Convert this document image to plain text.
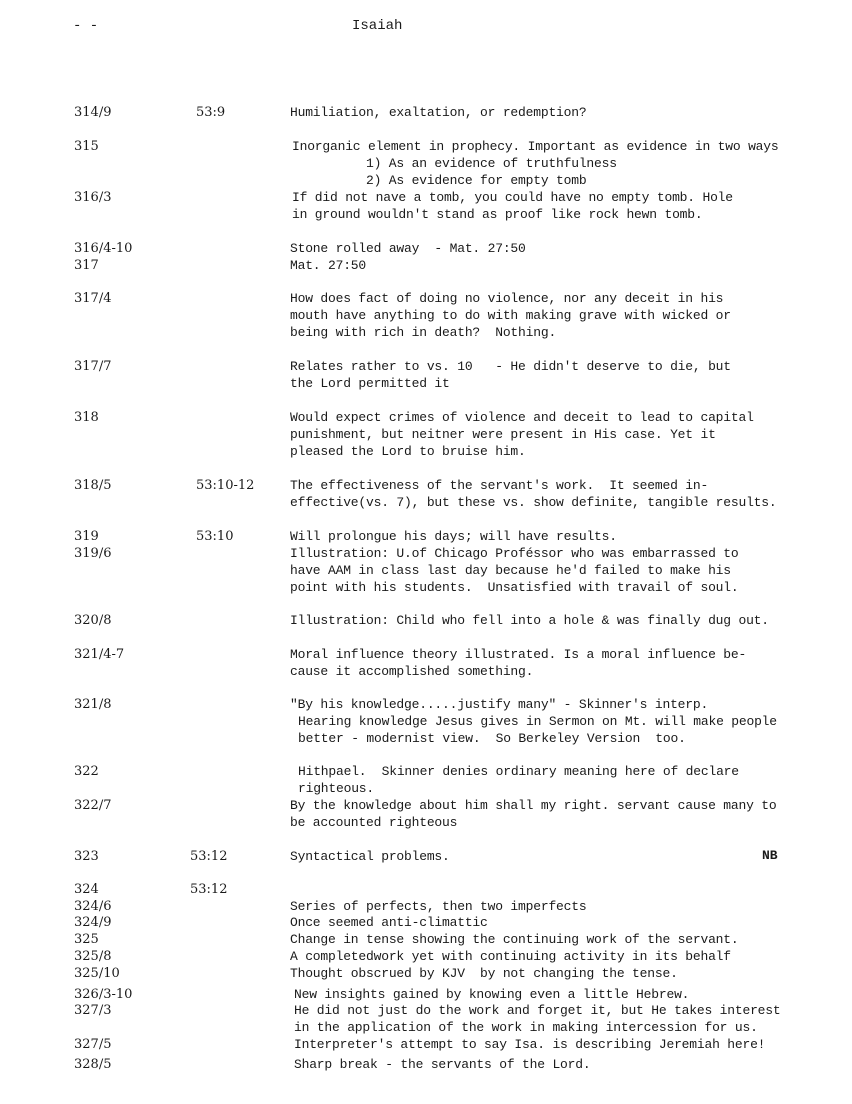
- -	Isaiah
314/9
315
316/3
316/4-10
317
317/4
317/7
318
318/5
319
319/6
320/8
321/4-7
321/8
322
322/7
323
324
324/6
324/9
325
325/8
325/10
326/3-10
327/3
327/5
328/5
53:9
53:10-12
53:10
53:12
53:12
Humiliation, exaltation, or redemption?
Inorganic element in prophecy. Important as evidence in two ways
1) As an evidence of truthfulness
2) As evidence for empty tomb
If did not nave a tomb, you could have no empty tomb. Hole
in ground wouldn't stand as proof like rock hewn tomb.
Stone rolled away  - Mat. 27:50
Mat. 27:50
How does fact of doing no violence, nor any deceit in his
mouth have anything to do with making grave with wicked or
being with rich in death?  Nothing.
Relates rather to vs. 10   - He didn't deserve to die, but
the Lord permitted it
Would expect crimes of violence and deceit to lead to capital
punishment, but neitner were present in His case. Yet it
pleased the Lord to bruise him.
The effectiveness of the servant's work.  It seemed in-
effective(vs. 7), but these vs. show definite, tangible results.
Will prolongue his days; will have results.
Illustration: U.of Chicago Proféssor who was embarrassed to
have AAM in class last day because he'd failed to make his
point with his students.  Unsatisfied with travail of soul.
Illustration: Child who fell into a hole & was finally dug out.
Moral influence theory illustrated. Is a moral influence be-
cause it accomplished something.
"By his knowledge.....justify many" - Skinner's interp.
Hearing knowledge Jesus gives in Sermon on Mt. will make people
better - modernist view.  So Berkeley Version  too.
Hithpael.  Skinner denies ordinary meaning here of declare
righteous.
By the knowledge about him shall my right. servant cause many to
be accounted righteous
Syntactical problems.
Series of perfects, then two imperfects
Once seemed anti-climattic
Change in tense showing the continuing work of the servant.
A completedwork yet with continuing activity in its behalf
Thought obscrued by KJV  by not changing the tense.
New insights gained by knowing even a little Hebrew.
He did not just do the work and forget it, but He takes interest
in the application of the work in making intercession for us.
Interpreter's attempt to say Isa. is describing Jeremiah here!
Sharp break - the servants of the Lord.
NB
